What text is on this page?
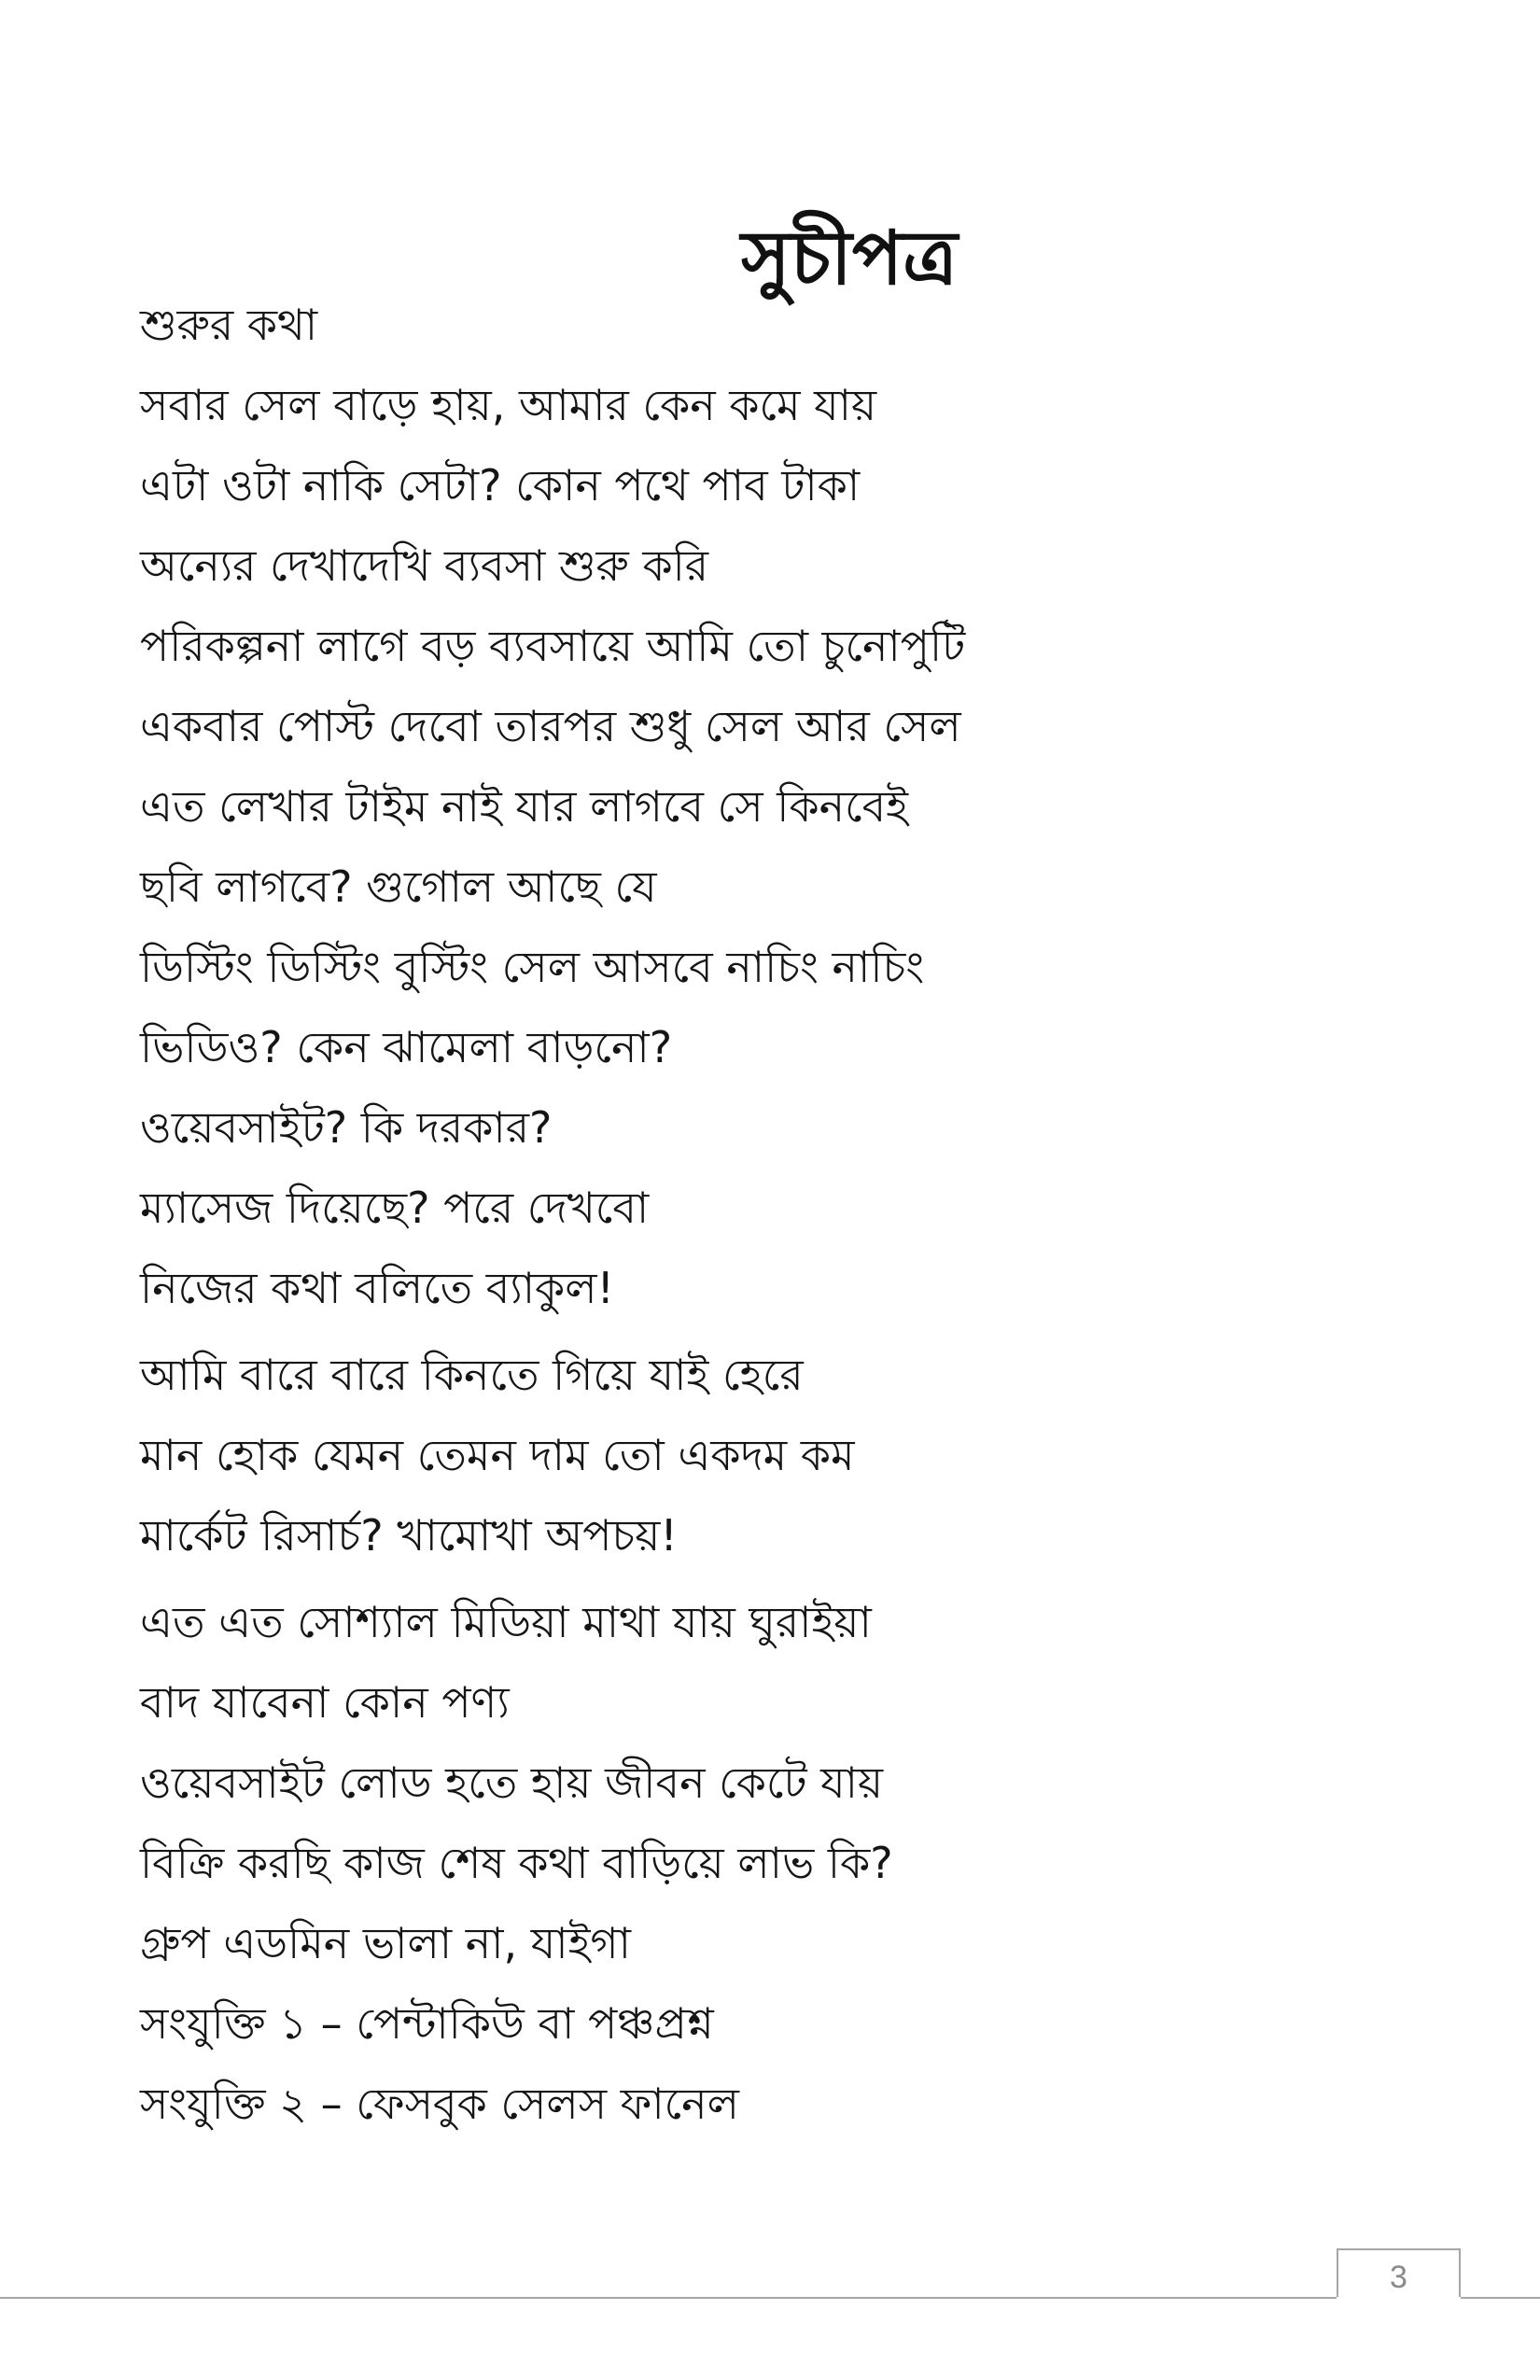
সুচীপত্র
শুরুর কথা
সবার সেল বাড়ে হায়, আমার কেন কমে যায়
এটা ওটা নাকি সেটা? কোন পথে পাব টাকা
অন্যের দেখাদেখি ব্যবসা শুরু করি
পরিকল্পনা লাগে বড় ব্যবসায়ে আমি তো চুনোপুটি
একবার পোস্ট দেবো তারপর শুধু সেল আর সেল
এত লেখার টাইম নাই যার লাগবে সে কিনবেই
ছবি লাগবে? গুগোল আছে যে
ডিস্টিং ডিস্টিং বুস্টিং সেল আসবে নাচিং নাচিং
ভিডিও? কেন ঝামেলা বাড়নো?
ওয়েবসাইট? কি দরকার?
ম্যাসেজ দিয়েছে? পরে দেখবো
নিজের কথা বলিতে ব্যাকুল!
আমি বারে বারে কিনতে গিয়ে যাই হেরে
মান হোক যেমন তেমন দাম তো একদম কম
মার্কেট রিসার্চ? খামোখা অপচয়!
এত এত সোশ্যাল মিডিয়া মাথা যায় ঘুরাইয়া
বাদ যাবেনা কোন পণ্য
ওয়েবসাইট লোড হতে হায় জীবন কেটে যায়
বিক্রি করছি কাজ শেষ কথা বাড়িয়ে লাভ কি?
গ্রুপ এডমিন ভালা না, যাইগা
সংযুক্তি ১ – পেন্টাকিউ বা পঞ্চপ্রশ্ন
সংযুক্তি ২ – ফেসবুক সেলস ফানেল
3
